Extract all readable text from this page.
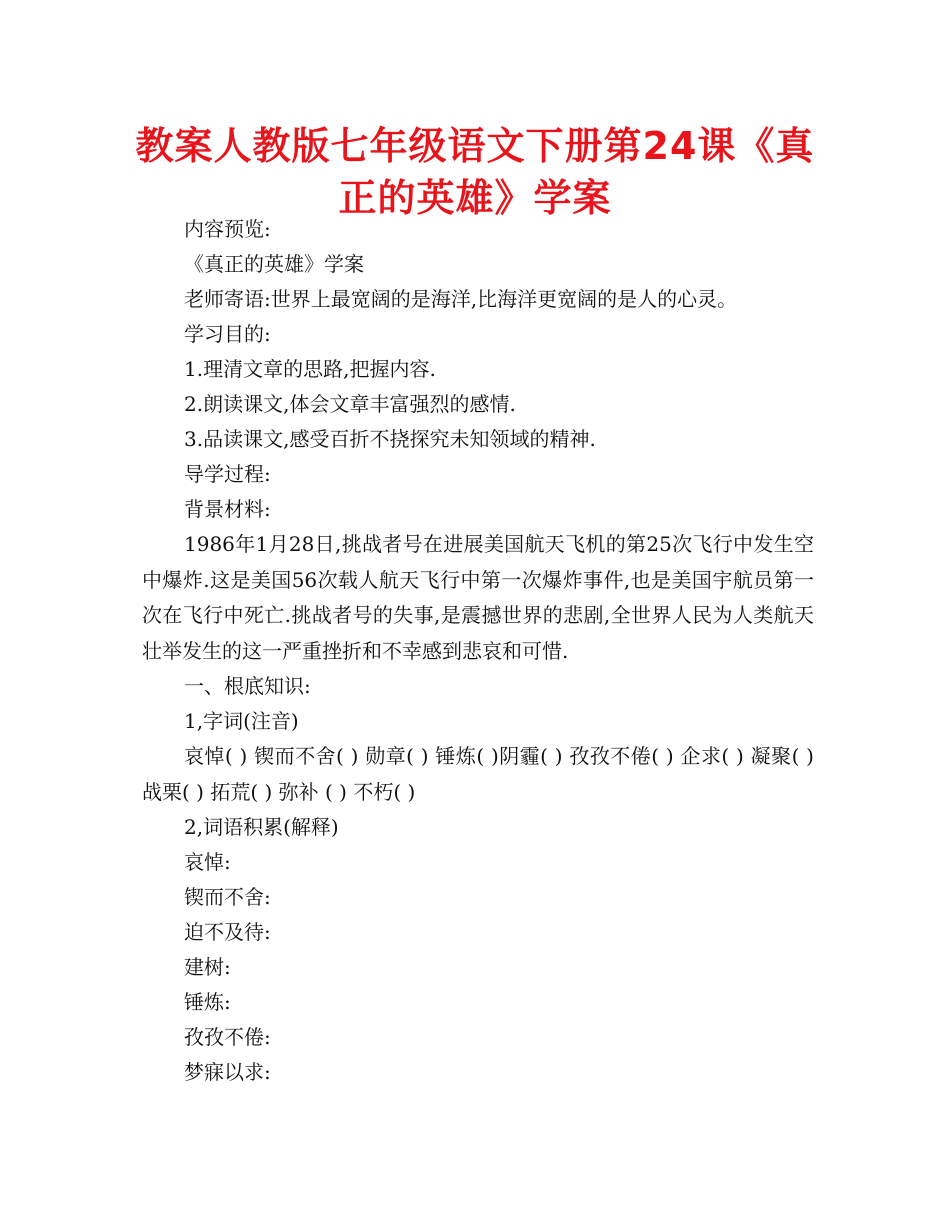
教案人教版七年级语文下册第24课《真正的英雄》学案
内容预览:
《真正的英雄》学案
老师寄语:世界上最宽阔的是海洋,比海洋更宽阔的是人的心灵。
学习目的:
1.理清文章的思路,把握内容.
2.朗读课文,体会文章丰富强烈的感情.
3.品读课文,感受百折不挠探究未知领域的精神.
导学过程:
背景材料:
1986年1月28日,挑战者号在进展美国航天飞机的第25次飞行中发生空中爆炸.这是美国56次载人航天飞行中第一次爆炸事件,也是美国宇航员第一次在飞行中死亡.挑战者号的失事,是震撼世界的悲剧,全世界人民为人类航天壮举发生的这一严重挫折和不幸感到悲哀和可惜.
一、根底知识:
1,字词(注音)
哀悼( ) 锲而不舍( ) 勋章( ) 锤炼( )阴霾( ) 孜孜不倦( ) 企求( ) 凝聚( )战栗( ) 拓荒( ) 弥补 ( ) 不朽( )
2,词语积累(解释)
哀悼:
锲而不舍:
迫不及待:
建树:
锤炼:
孜孜不倦:
梦寐以求:
